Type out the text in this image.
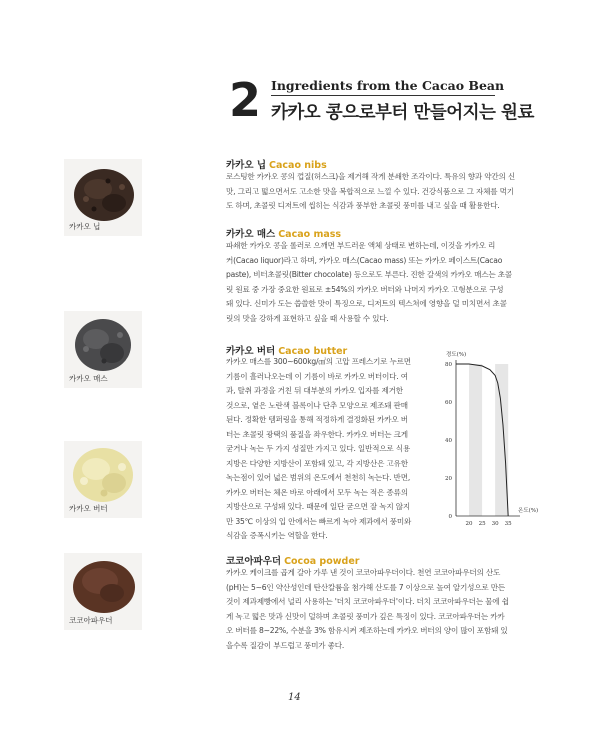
2 Ingredients from the Cacao Bean
카카오 콩으로부터 만들어지는 원료
카카오 닙
카카오 매스
카카오 버터
코코아파우더
카카오 닙 Cacao nibs

로스팅한 카카오 콩의 껍질(허스크)을 제거해 작게 분쇄한 조각이다. 특유의 향과 약간의 신

맛, 그리고 떫으면서도 고소한 맛을 복합적으로 느낄 수 있다. 건강식품으로 그 자체를 먹기

도 하며, 초콜릿 디저트에 씹히는 식감과 풍부한 초콜릿 풍미를 내고 싶을 때 활용한다.

카카오 매스 Cacao mass

파쇄한 카카오 콩을 롤러로 으깨면 부드러운 액체 상태로 변하는데, 이것을 카카오 리

커(Cacao liquor)라고 하며, 카카오 매스(Cacao mass) 또는 카카오 페이스트(Cacao

paste), 비터초콜릿(Bitter chocolate) 등으로도 부른다. 진한 갈색의 카카오 매스는 초콜

릿 원료 중 가장 중요한 원료로 ±54%의 카카오 버터와 나머지 카카오 고형분으로 구성

돼 있다. 신미가 도는 씁쓸한 맛이 특징으로, 디저트의 텍스쳐에 영향을 덜 미치면서 초콜

릿의 맛을 강하게 표현하고 싶을 때 사용할 수 있다.

카카오 버터 Cacao butter

카카오 매스를 300~600kg/㎠의 고압 프레스기로 누르면

기름이 흘러나오는데 이 기름이 바로 카카오 버터이다. 여

과, 탈취 과정을 거친 뒤 대부분의 카카오 입자를 제거한

것으로, 옅은 노란색 블록이나 단추 모양으로 제조돼 판매

된다. 정확한 템퍼링을 통해 적정하게 결정화된 카카오 버

터는 초콜릿 광택의 품질을 좌우한다. 카카오 버터는 크게

굳거나 녹는 두 가지 성질만 가지고 있다. 일반적으로 식용

지방은 다양한 지방산이 포함돼 있고, 각 지방산은 고유한

녹는점이 있어 넓은 범위의 온도에서 천천히 녹는다. 반면,

카카오 버터는 체온 바로 아래에서 모두 녹는 적은 종류의

지방산으로 구성돼 있다. 때문에 일단 굳으면 잘 녹지 않지

만 35℃ 이상의 입 안에서는 빠르게 녹아 제과에서 풍미와

식감을 증폭시키는 역할을 한다.

0
20
40
60
80
20 25 30 35
경도(%)
온도(%)
코코아파우더 Cocoa powder

카카오 케이크를 곱게 갈아 가루 낸 것이 코코아파우더이다. 천연 코코아파우더의 산도

(pH)는 5~6인 약산성인데 탄산칼륨을 첨가해 산도를 7 이상으로 높여 알기성으로 만든

것이 제과제빵에서 널리 사용하는 '더치 코코아파우더'이다. 더치 코코아파우더는 물에 쉽

게 녹고 떫은 맛과 신맛이 덜하며 초콜릿 풍미가 깊은 특징이 있다. 코코아파우더는 카카

오 버터를 8~22%, 수분을 3% 함유시켜 제조하는데 카카오 버터의 양이 많이 포함돼 있

을수록 질감이 부드럽고 풍미가 좋다.

14
